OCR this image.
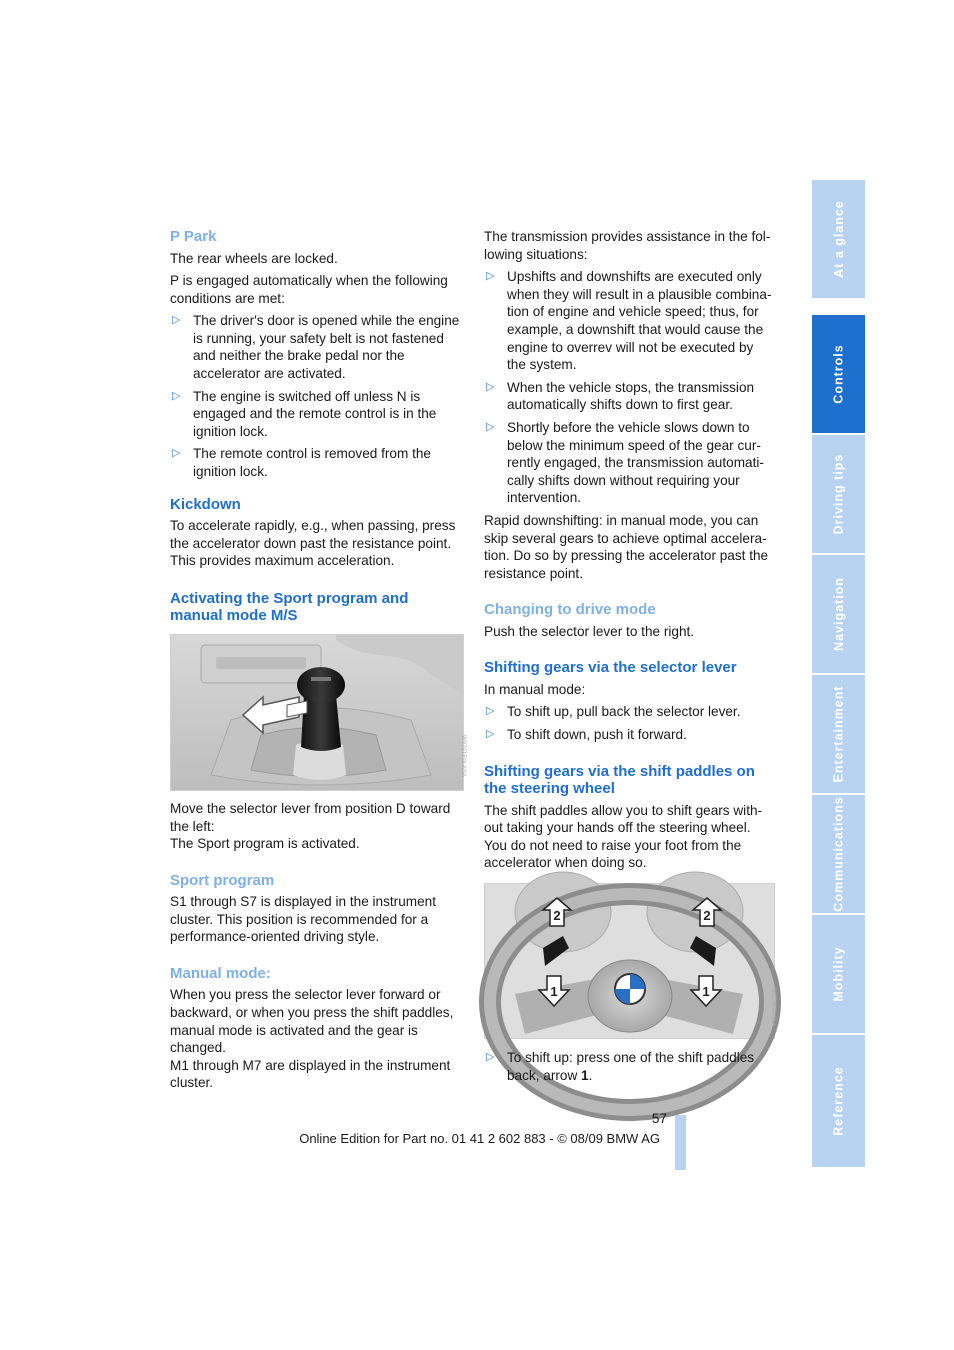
P Park

The rear wheels are locked.

P is engaged automatically when the following conditions are met:

▷ The driver's door is opened while the engine is running, your safety belt is not fastened and neither the brake pedal nor the accelerator are activated.
▷ The engine is switched off unless N is engaged and the remote control is in the ignition lock.
▷ The remote control is removed from the ignition lock.
Kickdown

To accelerate rapidly, e.g., when passing, press the accelerator down past the resistance point. This provides maximum acceleration.

Activating the Sport program and
manual mode M/S
W070TE0LASA

Move the selector lever from position D toward the left:

The Sport program is activated.

Sport program

S1 through S7 is displayed in the instrument cluster. This position is recommended for a performance-oriented driving style.

Manual mode:

When you press the selector lever forward or backward, or when you press the shift paddles, manual mode is activated and the gear is changed.

M1 through M7 are displayed in the instrument cluster.

The transmission provides assistance in the following situations:

▷ Upshifts and downshifts are executed only when they will result in a plausible combination of engine and vehicle speed; thus, for example, a downshift that would cause the engine to overrev will not be executed by the system.
▷ When the vehicle stops, the transmission automatically shifts down to first gear.
▷ Shortly before the vehicle slows down to below the minimum speed of the gear currently engaged, the transmission automatically shifts down without requiring your intervention.

Rapid downshifting: in manual mode, you can skip several gears to achieve optimal acceleration. Do so by pressing the accelerator past the resistance point.

Changing to drive mode

Push the selector lever to the right.

Shifting gears via the selector lever

In manual mode:

▷ To shift up, pull back the selector lever.
▷ To shift down, push it forward.
Shifting gears via the shift paddles on
the steering wheel

The shift paddles allow you to shift gears without taking your hands off the steering wheel. You do not need to raise your foot from the accelerator when doing so.

2	2
1	1	W070E0LASA
▷ To shift up: press one of the shift paddles back, arrow 1.
At a glance
Controls
Driving tips
Navigation
Entertainment
Communications
Mobility
Reference
57
Online Edition for Part no. 01 41 2 602 883 - © 08/09 BMW AG
